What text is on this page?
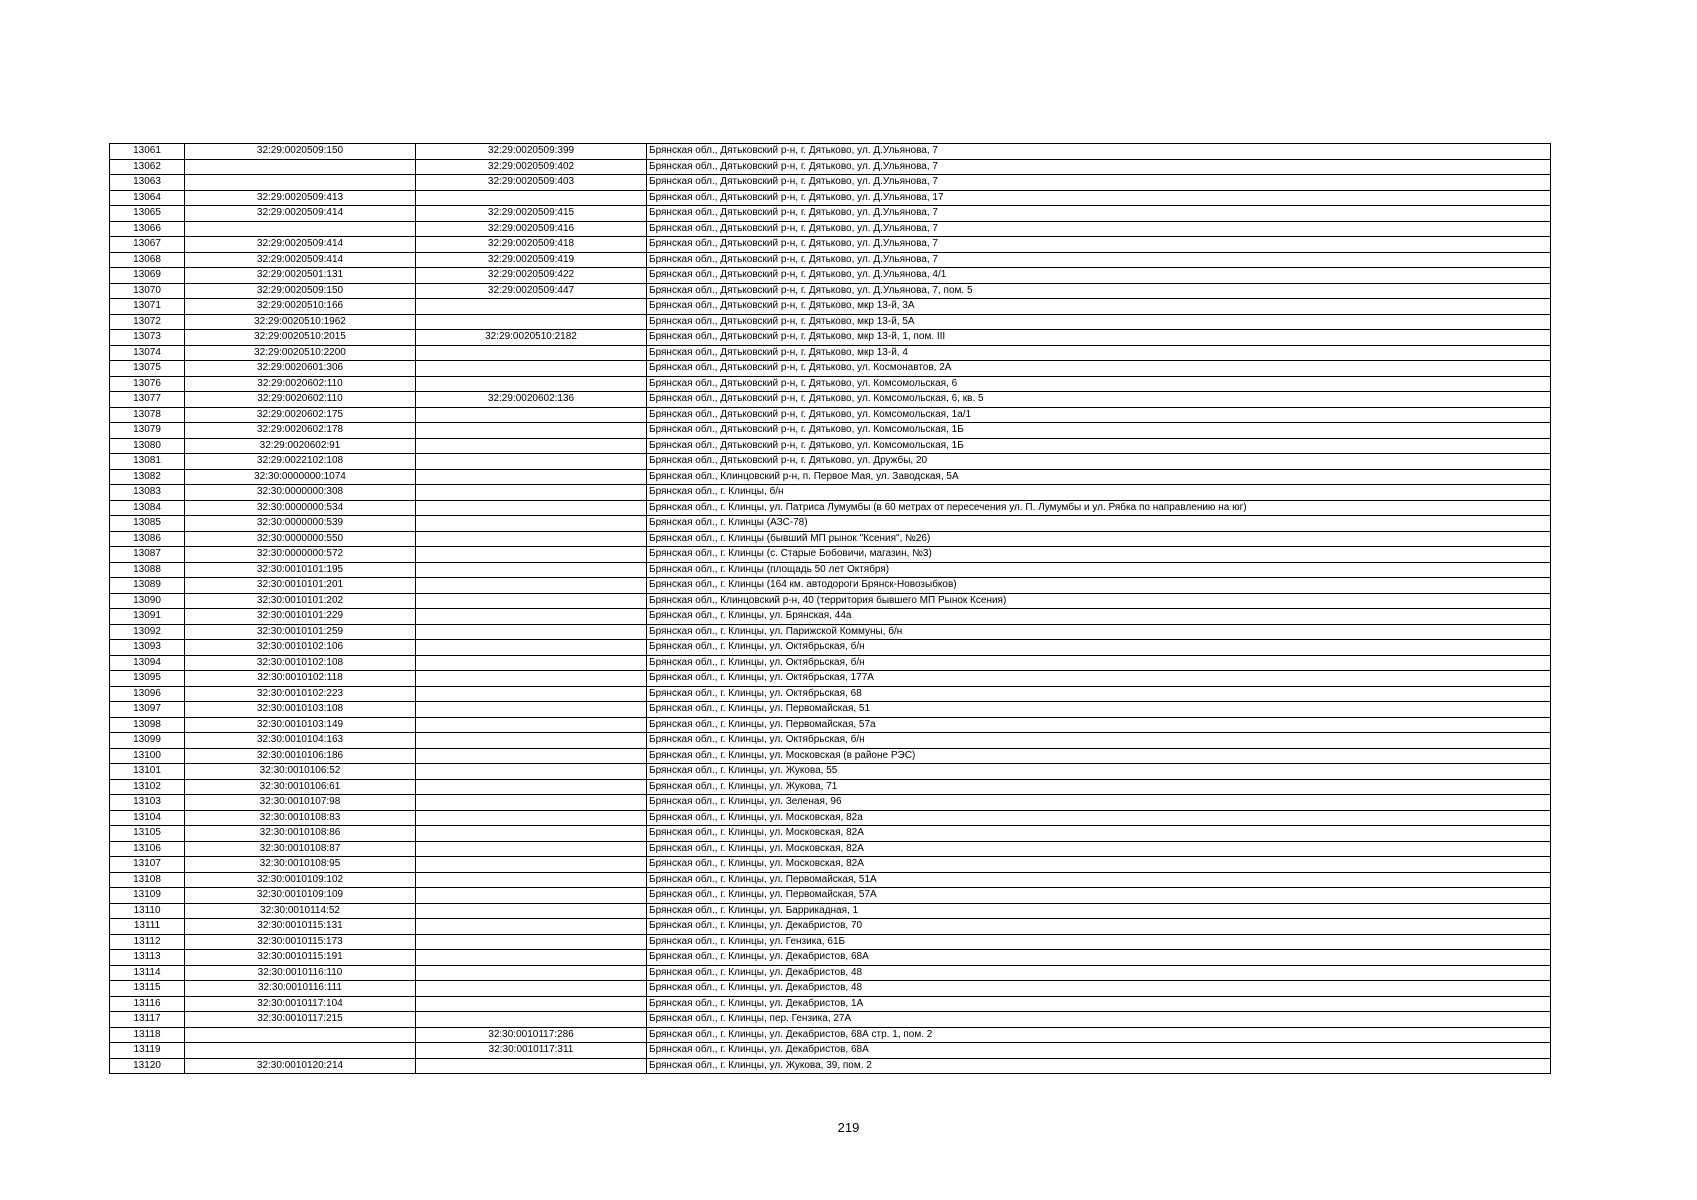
13061	32:29:0020509:150	32:29:0020509:399	Брянская обл., Дятьковский р-н, г. Дятьково, ул. Д.Ульянова, 7
13062		32:29:0020509:402	Брянская обл., Дятьковский р-н, г. Дятьково, ул. Д.Ульянова, 7
13063		32:29:0020509:403	Брянская обл., Дятьковский р-н, г. Дятьково, ул. Д.Ульянова, 7
13064	32:29:0020509:413		Брянская обл., Дятьковский р-н, г. Дятьково, ул. Д.Ульянова, 17
13065	32:29:0020509:414	32:29:0020509:415	Брянская обл., Дятьковский р-н, г. Дятьково, ул. Д.Ульянова, 7
13066		32:29:0020509:416	Брянская обл., Дятьковский р-н, г. Дятьково, ул. Д.Ульянова, 7
13067	32:29:0020509:414	32:29:0020509:418	Брянская обл., Дятьковский р-н, г. Дятьково, ул. Д.Ульянова, 7
13068	32:29:0020509:414	32:29:0020509:419	Брянская обл., Дятьковский р-н, г. Дятьково, ул. Д.Ульянова, 7
13069	32:29:0020501:131	32:29:0020509:422	Брянская обл., Дятьковский р-н, г. Дятьково, ул. Д.Ульянова, 4/1
13070	32:29:0020509:150	32:29:0020509:447	Брянская обл., Дятьковский р-н, г. Дятьково, ул. Д.Ульянова, 7, пом. 5
13071	32:29:0020510:166		Брянская обл., Дятьковский р-н, г. Дятьково, мкр 13-й, 3А
13072	32:29:0020510:1962		Брянская обл., Дятьковский р-н, г. Дятьково, мкр 13-й, 5А
13073	32:29:0020510:2015	32:29:0020510:2182	Брянская обл., Дятьковский р-н, г. Дятьково, мкр 13-й, 1, пом. III
13074	32:29:0020510:2200		Брянская обл., Дятьковский р-н, г. Дятьково, мкр 13-й, 4
13075	32:29:0020601:306		Брянская обл., Дятьковский р-н, г. Дятьково, ул. Космонавтов, 2А
13076	32:29:0020602:110		Брянская обл., Дятьковский р-н, г. Дятьково, ул. Комсомольская, 6
13077	32:29:0020602:110	32:29:0020602:136	Брянская обл., Дятьковский р-н, г. Дятьково, ул. Комсомольская, 6, кв. 5
13078	32:29:0020602:175		Брянская обл., Дятьковский р-н, г. Дятьково, ул. Комсомольская, 1а/1
13079	32:29:0020602:178		Брянская обл., Дятьковский р-н, г. Дятьково, ул. Комсомольская, 1Б
13080	32:29:0020602:91		Брянская обл., Дятьковский р-н, г. Дятьково, ул. Комсомольская, 1Б
13081	32:29:0022102:108		Брянская обл., Дятьковский р-н, г. Дятьково, ул. Дружбы, 20
13082	32:30:0000000:1074		Брянская обл., Клинцовский р-н, п. Первое Мая, ул. Заводская, 5А
13083	32:30:0000000:308		Брянская обл., г. Клинцы, б/н
13084	32:30:0000000:534		Брянская обл., г. Клинцы, ул. Патриса Лумумбы (в 60 метрах от пересечения ул. П. Лумумбы и ул. Рябка по направлению на юг)
13085	32:30:0000000:539		Брянская обл., г. Клинцы (АЗС-78)
13086	32:30:0000000:550		Брянская обл., г. Клинцы (бывший МП рынок "Ксения", №26)
13087	32:30:0000000:572		Брянская обл., г. Клинцы (с. Старые Бобовичи, магазин, №3)
13088	32:30:0010101:195		Брянская обл., г. Клинцы (площадь 50 лет Октября)
13089	32:30:0010101:201		Брянская обл., г. Клинцы (164 км. автодороги Брянск-Новозыбков)
13090	32:30:0010101:202		Брянская обл., Клинцовский р-н, 40 (территория бывшего МП Рынок Ксения)
13091	32:30:0010101:229		Брянская обл., г. Клинцы, ул. Брянская, 44а
13092	32:30:0010101:259		Брянская обл., г. Клинцы, ул. Парижской Коммуны, б/н
13093	32:30:0010102:106		Брянская обл., г. Клинцы, ул. Октябрьская, б/н
13094	32:30:0010102:108		Брянская обл., г. Клинцы, ул. Октябрьская, б/н
13095	32:30:0010102:118		Брянская обл., г. Клинцы, ул. Октябрьская, 177А
13096	32:30:0010102:223		Брянская обл., г. Клинцы, ул. Октябрьская, 68
13097	32:30:0010103:108		Брянская обл., г. Клинцы, ул. Первомайская, 51
13098	32:30:0010103:149		Брянская обл., г. Клинцы, ул. Первомайская, 57а
13099	32:30:0010104:163		Брянская обл., г. Клинцы, ул. Октябрьская, б/н
13100	32:30:0010106:186		Брянская обл., г. Клинцы, ул. Московская (в районе РЭС)
13101	32:30:0010106:52		Брянская обл., г. Клинцы, ул. Жукова, 55
13102	32:30:0010106:61		Брянская обл., г. Клинцы, ул. Жукова, 71
13103	32:30:0010107:98		Брянская обл., г. Клинцы, ул. Зеленая, 96
13104	32:30:0010108:83		Брянская обл., г. Клинцы, ул. Московская, 82а
13105	32:30:0010108:86		Брянская обл., г. Клинцы, ул. Московская, 82А
13106	32:30:0010108:87		Брянская обл., г. Клинцы, ул. Московская, 82А
13107	32:30:0010108:95		Брянская обл., г. Клинцы, ул. Московская, 82А
13108	32:30:0010109:102		Брянская обл., г. Клинцы, ул. Первомайская, 51А
13109	32:30:0010109:109		Брянская обл., г. Клинцы, ул. Первомайская, 57А
13110	32:30:0010114:52		Брянская обл., г. Клинцы, ул. Баррикадная, 1
13111	32:30:0010115:131		Брянская обл., г. Клинцы, ул. Декабристов, 70
13112	32:30:0010115:173		Брянская обл., г. Клинцы, ул. Гензика, 61Б
13113	32:30:0010115:191		Брянская обл., г. Клинцы, ул. Декабристов, 68А
13114	32:30:0010116:110		Брянская обл., г. Клинцы, ул. Декабристов, 48
13115	32:30:0010116:111		Брянская обл., г. Клинцы, ул. Декабристов, 48
13116	32:30:0010117:104		Брянская обл., г. Клинцы, ул. Декабристов, 1А
13117	32:30:0010117:215		Брянская обл., г. Клинцы, пер. Гензика, 27А
13118		32:30:0010117:286	Брянская обл., г. Клинцы, ул. Декабристов, 68А стр. 1, пом. 2
13119		32:30:0010117:311	Брянская обл., г. Клинцы, ул. Декабристов, 68А
13120	32:30:0010120:214		Брянская обл., г. Клинцы, ул. Жукова, 39, пом. 2
219
